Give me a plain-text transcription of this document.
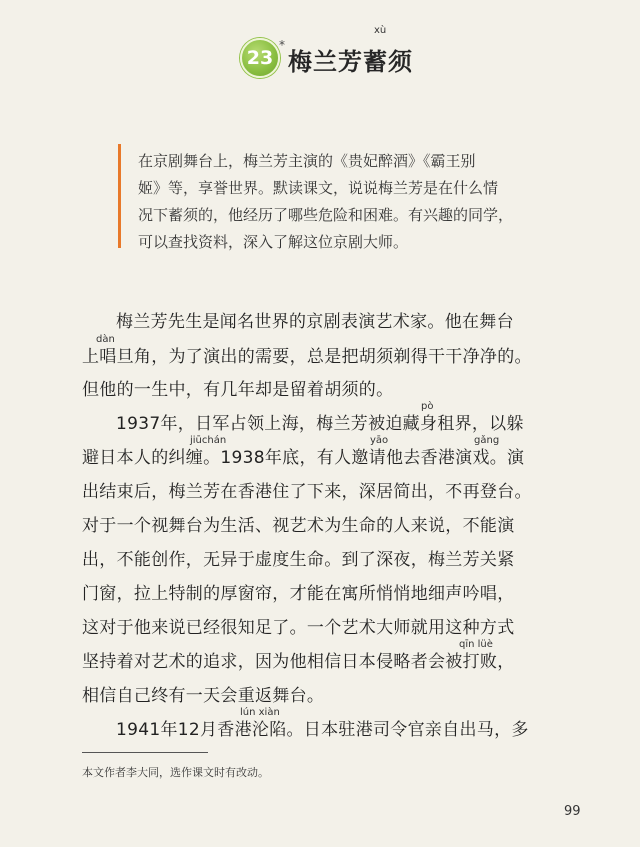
23
*
梅兰芳蓄须
xù

在京剧舞台上，梅兰芳主演的《贵妃醉酒》《霸王别
姬》等，享誉世界。默读课文，说说梅兰芳是在什么情
况下蓄须的，他经历了哪些危险和困难。有兴趣的同学，
可以查找资料，深入了解这位京剧大师。

梅兰芳先生是闻名世界的京剧表演艺术家。他在舞台
dàn
上唱旦角，为了演出的需要，总是把胡须剃得干干净净的。
但他的一生中，有几年却是留着胡须的。
pò
1937年，日军占领上海，梅兰芳被迫藏身租界，以躲
jiūchán	yāo	gǎng
避日本人的纠缠。1938年底，有人邀请他去香港演戏。演
出结束后，梅兰芳在香港住了下来，深居简出，不再登台。
对于一个视舞台为生活、视艺术为生命的人来说，不能演
出，不能创作，无异于虚度生命。到了深夜，梅兰芳关紧
门窗，拉上特制的厚窗帘，才能在寓所悄悄地细声吟唱，
这对于他来说已经很知足了。一个艺术大师就用这种方式
qīn lüè
坚持着对艺术的追求，因为他相信日本侵略者会被打败，
相信自己终有一天会重返舞台。
lún xiàn
1941年12月香港沦陷。日本驻港司令官亲自出马，多
本文作者李大同，选作课文时有改动。
99
